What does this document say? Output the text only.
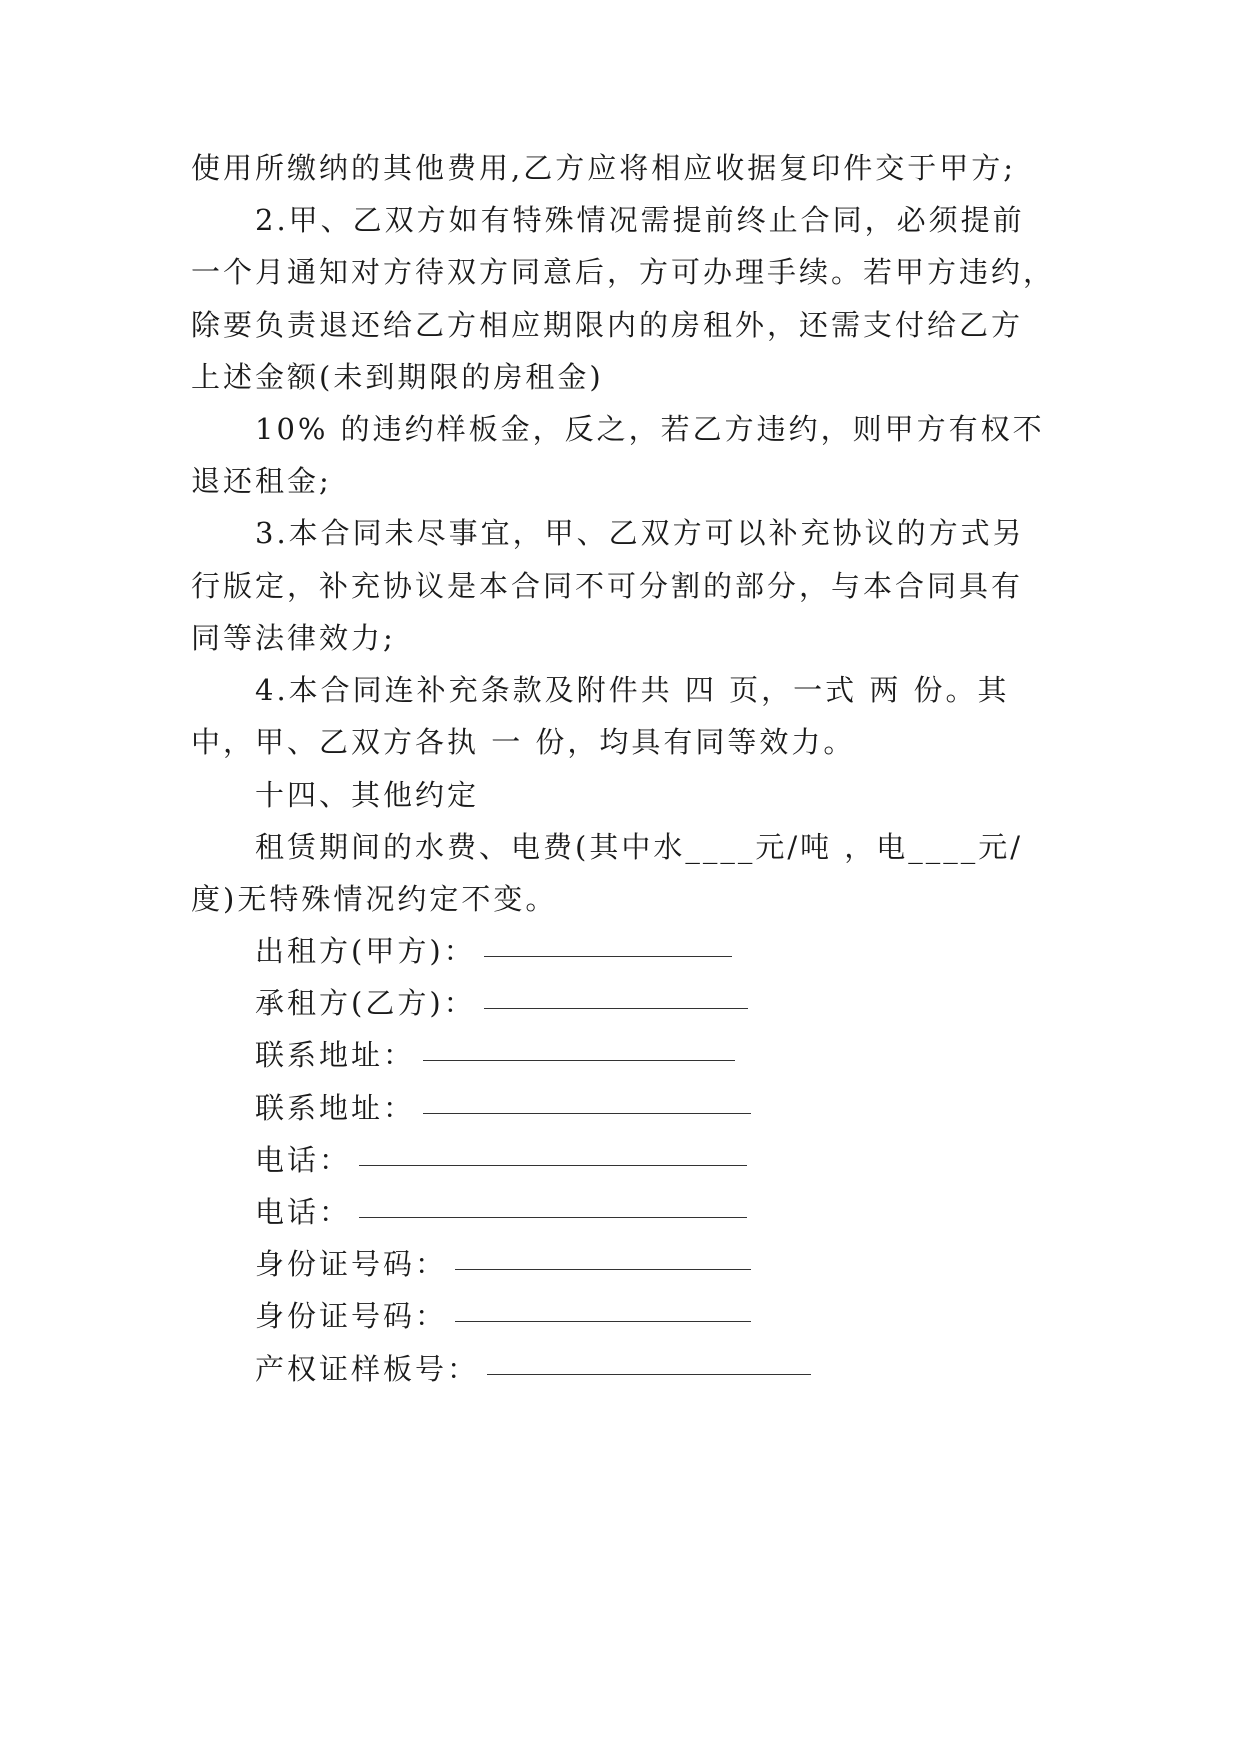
使用所缴纳的其他费用,乙方应将相应收据复印件交于甲方;

2.甲、乙双方如有特殊情况需提前终止合同，必须提前

一个月通知对方待双方同意后，方可办理手续。若甲方违约，

除要负责退还给乙方相应期限内的房租外，还需支付给乙方

上述金额(未到期限的房租金)

10% 的违约样板金，反之，若乙方违约，则甲方有权不

退还租金;

3.本合同未尽事宜，甲、乙双方可以补充协议的方式另

行版定，补充协议是本合同不可分割的部分，与本合同具有

同等法律效力;

4.本合同连补充条款及附件共 四 页，一式 两 份。其

中，甲、乙双方各执 一 份，均具有同等效力。

十四、其他约定

租赁期间的水费、电费(其中水____元/吨 ，电____元/

度)无特殊情况约定不变。

出租方(甲方)：
承租方(乙方)：
联系地址：
联系地址：
电话：
电话：
身份证号码：
身份证号码：
产权证样板号：
